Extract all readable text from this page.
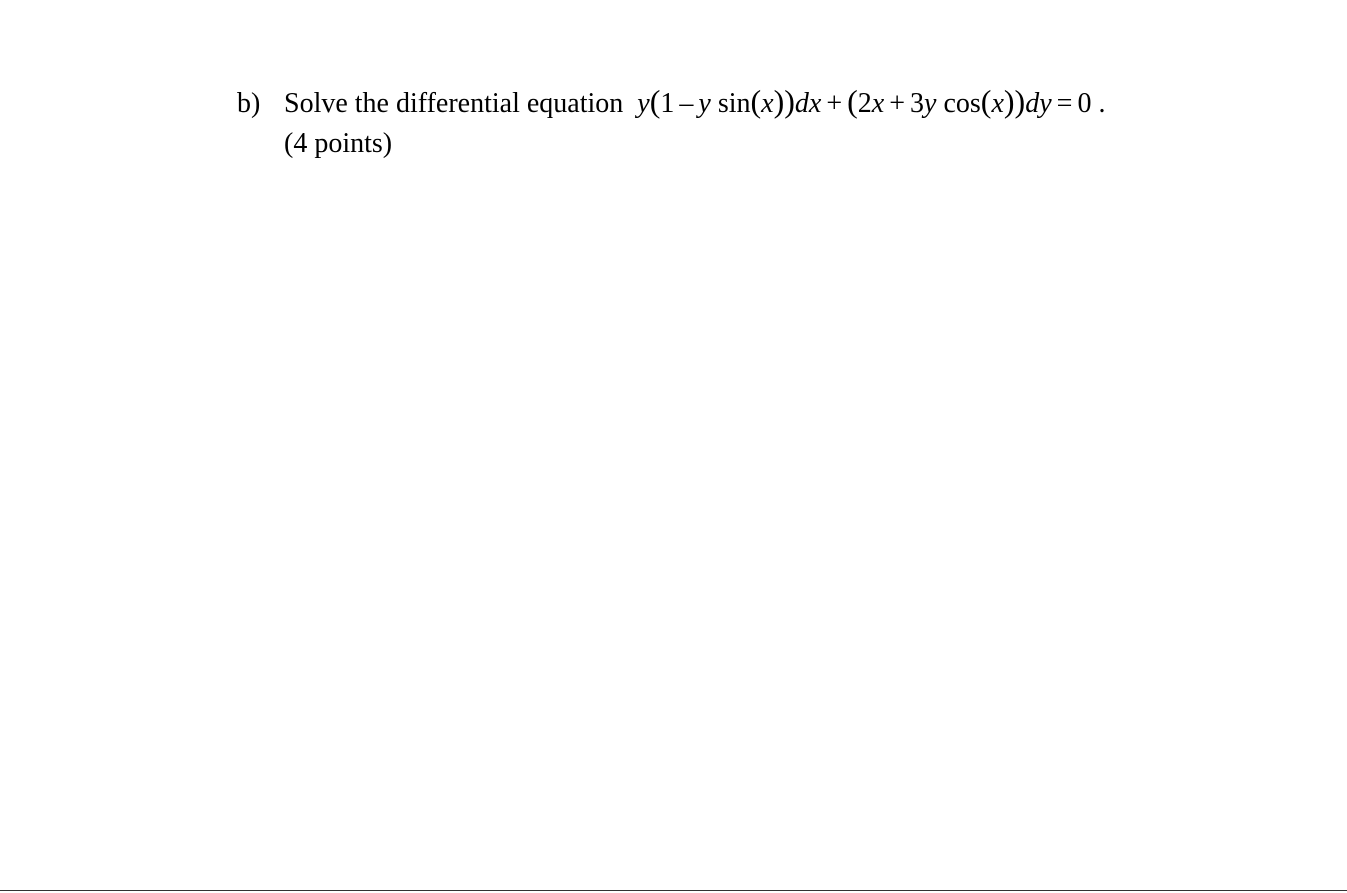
b) Solve the differential equation y(1 – y sin(x))dx + (2x + 3y cos(x))dy = 0 .
(4 points)
